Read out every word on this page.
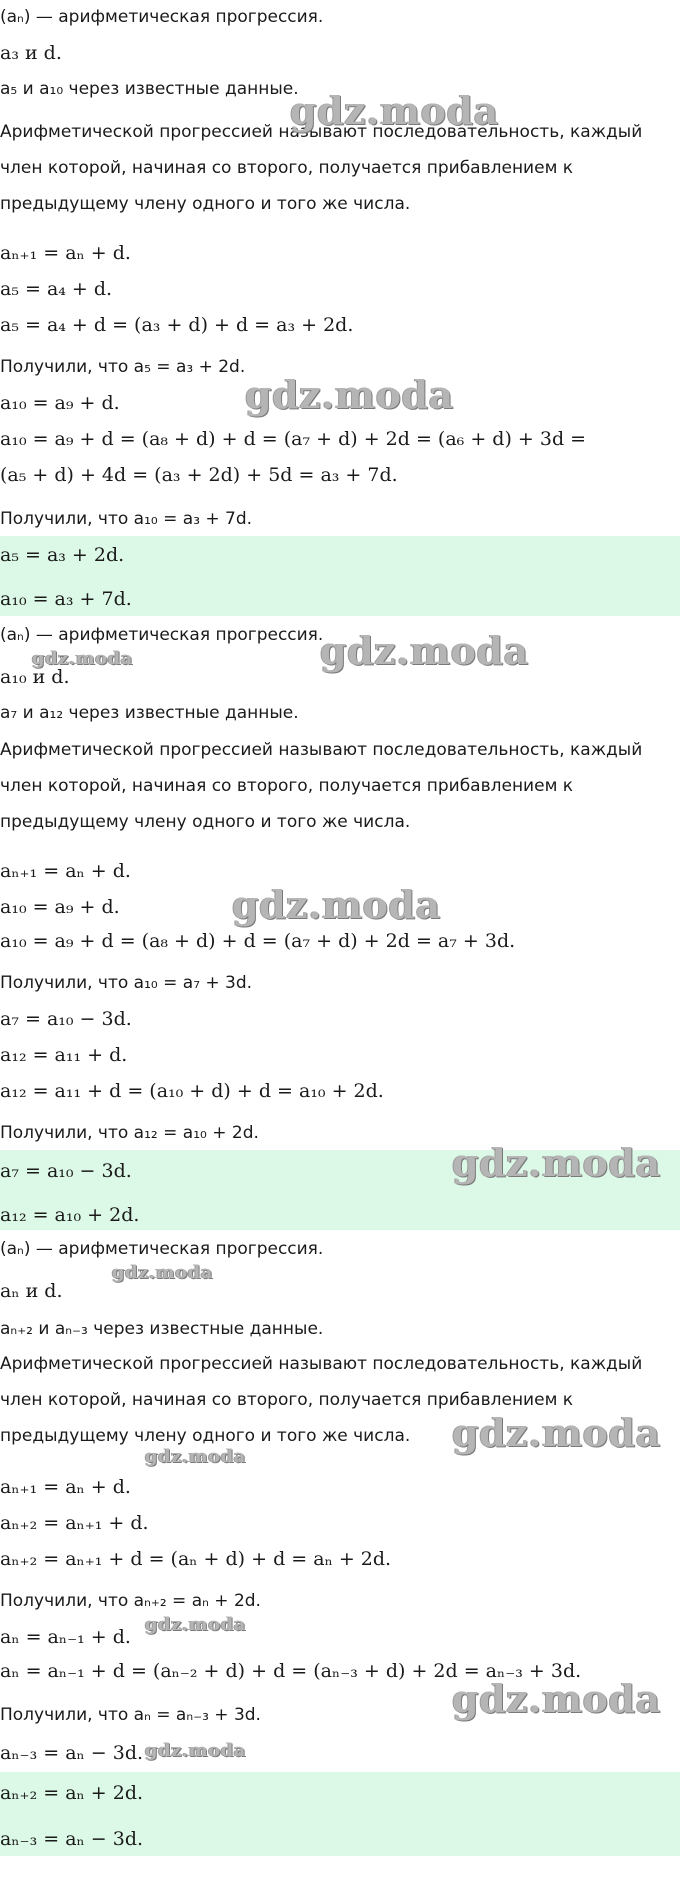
(aₙ) — арифметическая прогрессия.
a₃ и d.
a₅ и a₁₀ через известные данные.
Арифметической прогрессией называют последовательность, каждый член которой, начиная со второго, получается прибавлением к предыдущему члену одного и того же числа.
aₙ₊₁ = aₙ + d.
a₅ = a₄ + d.
a₅ = a₄ + d = (a₃ + d) + d = a₃ + 2d.
Получили, что a₅ = a₃ + 2d.
a₁₀ = a₉ + d.
a₁₀ = a₉ + d = (a₈ + d) + d = (a₇ + d) + 2d = (a₆ + d) + 3d =
(a₅ + d) + 4d = (a₃ + 2d) + 5d = a₃ + 7d.
Получили, что a₁₀ = a₃ + 7d.
a₅ = a₃ + 2d.
a₁₀ = a₃ + 7d.
(aₙ) — арифметическая прогрессия.
a₁₀ и d.
a₇ и a₁₂ через известные данные.
Арифметической прогрессией называют последовательность, каждый член которой, начиная со второго, получается прибавлением к предыдущему члену одного и того же числа.
aₙ₊₁ = aₙ + d.
a₁₀ = a₉ + d.
a₁₀ = a₉ + d = (a₈ + d) + d = (a₇ + d) + 2d = a₇ + 3d.
Получили, что a₁₀ = a₇ + 3d.
a₇ = a₁₀ − 3d.
a₁₂ = a₁₁ + d.
a₁₂ = a₁₁ + d = (a₁₀ + d) + d = a₁₀ + 2d.
Получили, что a₁₂ = a₁₀ + 2d.
a₇ = a₁₀ − 3d.
a₁₂ = a₁₀ + 2d.
(aₙ) — арифметическая прогрессия.
aₙ и d.
aₙ₊₂ и aₙ₋₃ через известные данные.
Арифметической прогрессией называют последовательность, каждый член которой, начиная со второго, получается прибавлением к предыдущему члену одного и того же числа.
aₙ₊₁ = aₙ + d.
aₙ₊₂ = aₙ₊₁ + d.
aₙ₊₂ = aₙ₊₁ + d = (aₙ + d) + d = aₙ + 2d.
Получили, что aₙ₊₂ = aₙ + 2d.
aₙ = aₙ₋₁ + d.
aₙ = aₙ₋₁ + d = (aₙ₋₂ + d) + d = (aₙ₋₃ + d) + 2d = aₙ₋₃ + 3d.
Получили, что aₙ = aₙ₋₃ + 3d.
aₙ₋₃ = aₙ − 3d.
aₙ₊₂ = aₙ + 2d.
aₙ₋₃ = aₙ − 3d.
gdz.moda
gdz.moda
gdz.moda
gdz.moda
gdz.moda
gdz.moda
gdz.moda
gdz.moda
gdz.moda
gdz.moda
gdz.moda
gdz.moda
